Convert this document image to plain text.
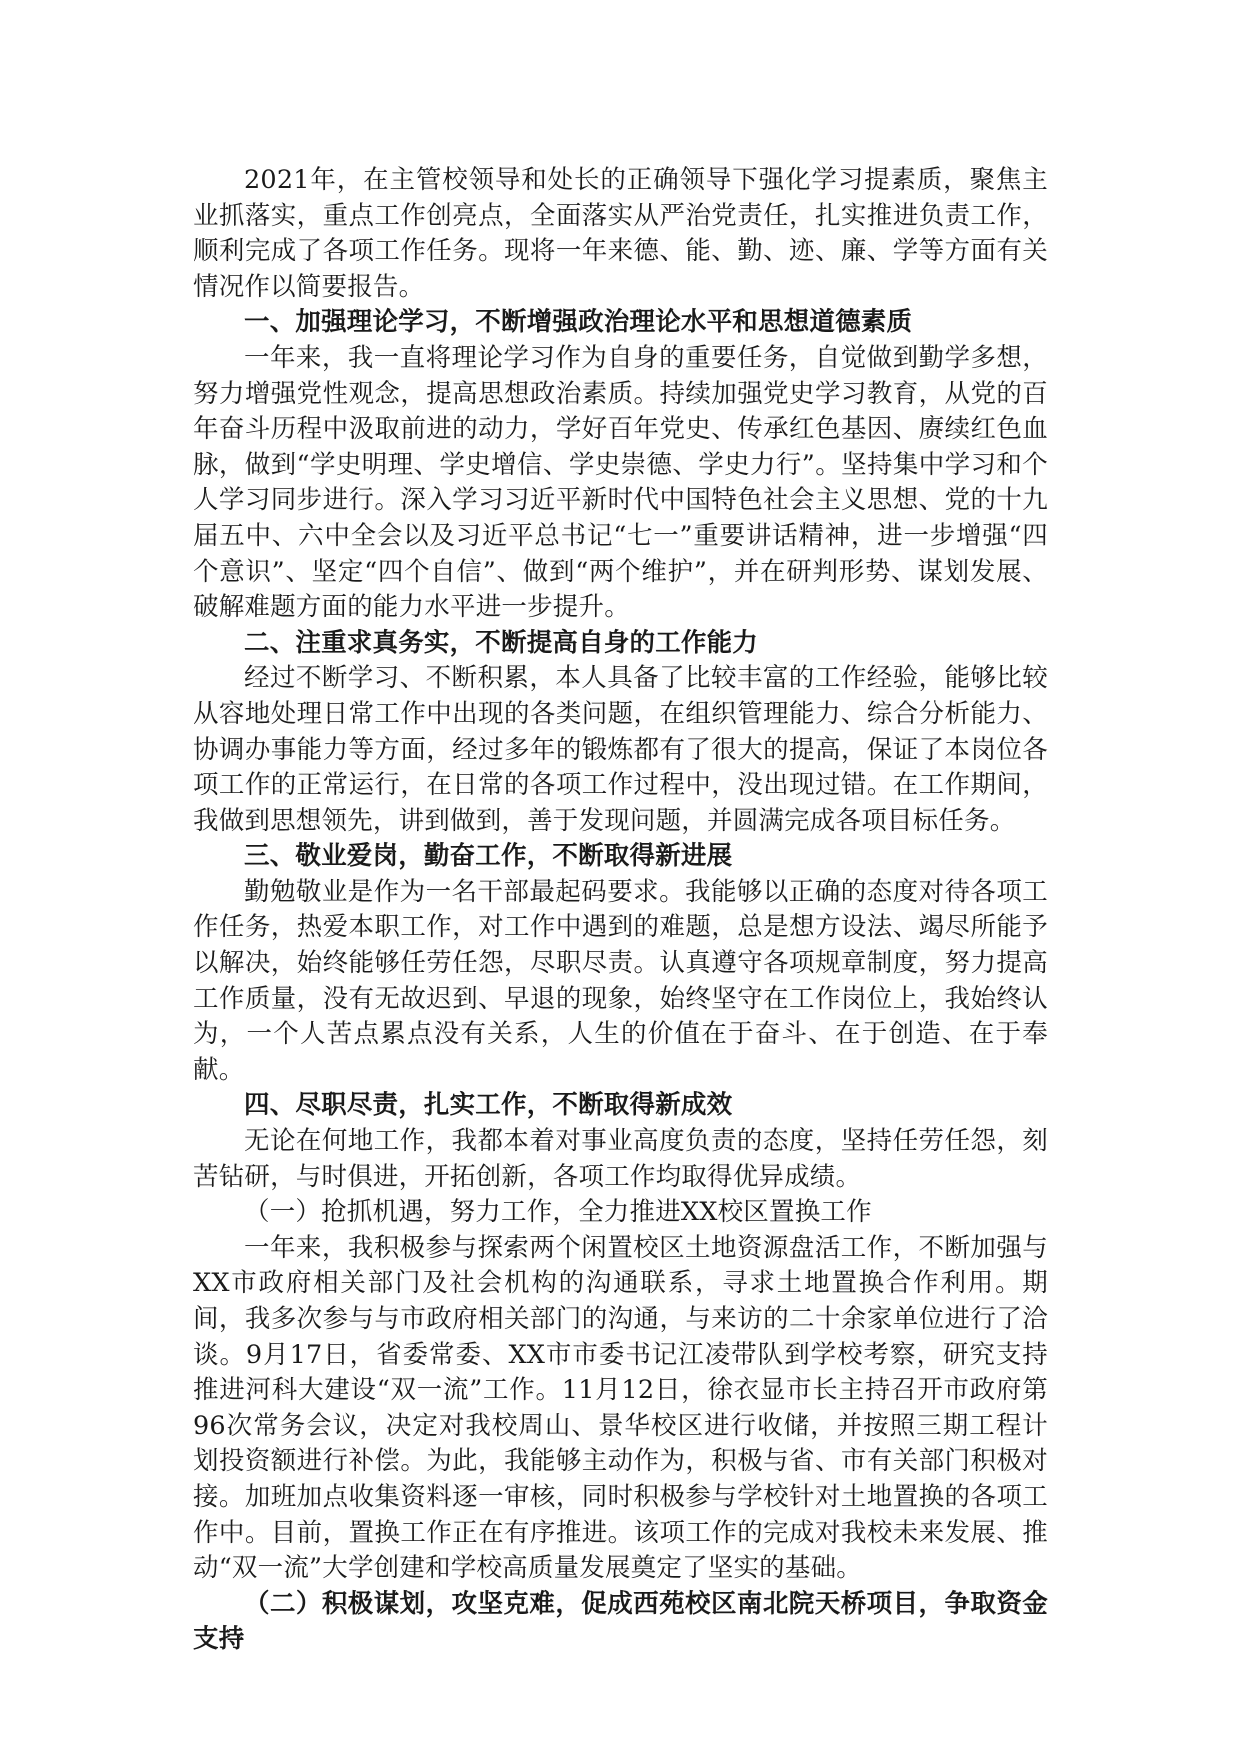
2021年，在主管校领导和处长的正确领导下强化学习提素质，聚焦主业抓落实，重点工作创亮点，全面落实从严治党责任，扎实推进负责工作，顺利完成了各项工作任务。现将一年来德、能、勤、迹、廉、学等方面有关情况作以简要报告。

一、加强理论学习，不断增强政治理论水平和思想道德素质

一年来，我一直将理论学习作为自身的重要任务，自觉做到勤学多想，努力增强党性观念，提高思想政治素质。持续加强党史学习教育，从党的百年奋斗历程中汲取前进的动力，学好百年党史、传承红色基因、赓续红色血脉，做到“学史明理、学史增信、学史崇德、学史力行”。坚持集中学习和个人学习同步进行。深入学习习近平新时代中国特色社会主义思想、党的十九届五中、六中全会以及习近平总书记“七一”重要讲话精神，进一步增强“四个意识”、坚定“四个自信”、做到“两个维护”，并在研判形势、谋划发展、破解难题方面的能力水平进一步提升。

二、注重求真务实，不断提高自身的工作能力

经过不断学习、不断积累，本人具备了比较丰富的工作经验，能够比较从容地处理日常工作中出现的各类问题，在组织管理能力、综合分析能力、协调办事能力等方面，经过多年的锻炼都有了很大的提高，保证了本岗位各项工作的正常运行，在日常的各项工作过程中，没出现过错。在工作期间，我做到思想领先，讲到做到，善于发现问题，并圆满完成各项目标任务。

三、敬业爱岗，勤奋工作，不断取得新进展

勤勉敬业是作为一名干部最起码要求。我能够以正确的态度对待各项工作任务，热爱本职工作，对工作中遇到的难题，总是想方设法、竭尽所能予以解决，始终能够任劳任怨，尽职尽责。认真遵守各项规章制度，努力提高工作质量，没有无故迟到、早退的现象，始终坚守在工作岗位上，我始终认为，一个人苦点累点没有关系，人生的价值在于奋斗、在于创造、在于奉献。

四、尽职尽责，扎实工作，不断取得新成效

无论在何地工作，我都本着对事业高度负责的态度，坚持任劳任怨，刻苦钻研，与时俱进，开拓创新，各项工作均取得优异成绩。

（一）抢抓机遇，努力工作，全力推进XX校区置换工作

一年来，我积极参与探索两个闲置校区土地资源盘活工作，不断加强与XX市政府相关部门及社会机构的沟通联系，寻求土地置换合作利用。期间，我多次参与与市政府相关部门的沟通，与来访的二十余家单位进行了洽谈。9月17日，省委常委、XX市市委书记江凌带队到学校考察，研究支持推进河科大建设“双一流”工作。11月12日，徐衣显市长主持召开市政府第96次常务会议，决定对我校周山、景华校区进行收储，并按照三期工程计划投资额进行补偿。为此，我能够主动作为，积极与省、市有关部门积极对接。加班加点收集资料逐一审核，同时积极参与学校针对土地置换的各项工作中。目前，置换工作正在有序推进。该项工作的完成对我校未来发展、推动“双一流”大学创建和学校高质量发展奠定了坚实的基础。

（二）积极谋划，攻坚克难，促成西苑校区南北院天桥项目，争取资金支持
